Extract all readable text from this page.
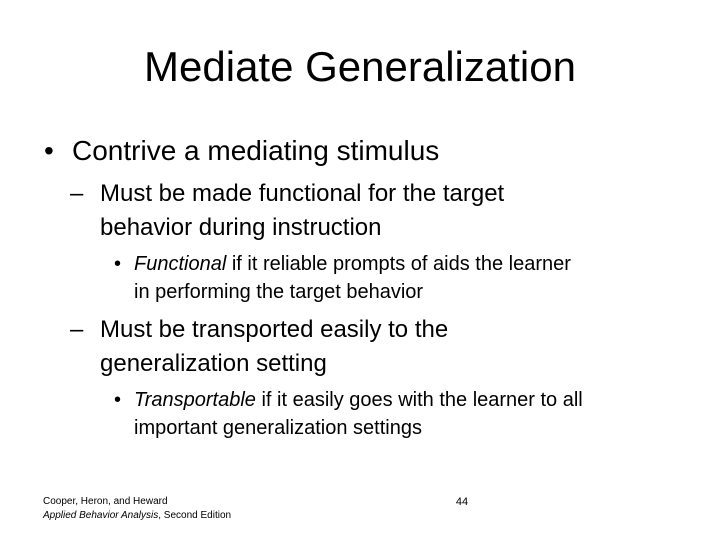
Mediate Generalization
• Contrive a mediating stimulus
– Must be made functional for the target
behavior during instruction
• Functional if it reliable prompts of aids the learner
in performing the target behavior
– Must be transported easily to the
generalization setting
• Transportable if it easily goes with the learner to all
important generalization settings
Cooper, Heron, and Heward
Applied Behavior Analysis, Second Edition
44
